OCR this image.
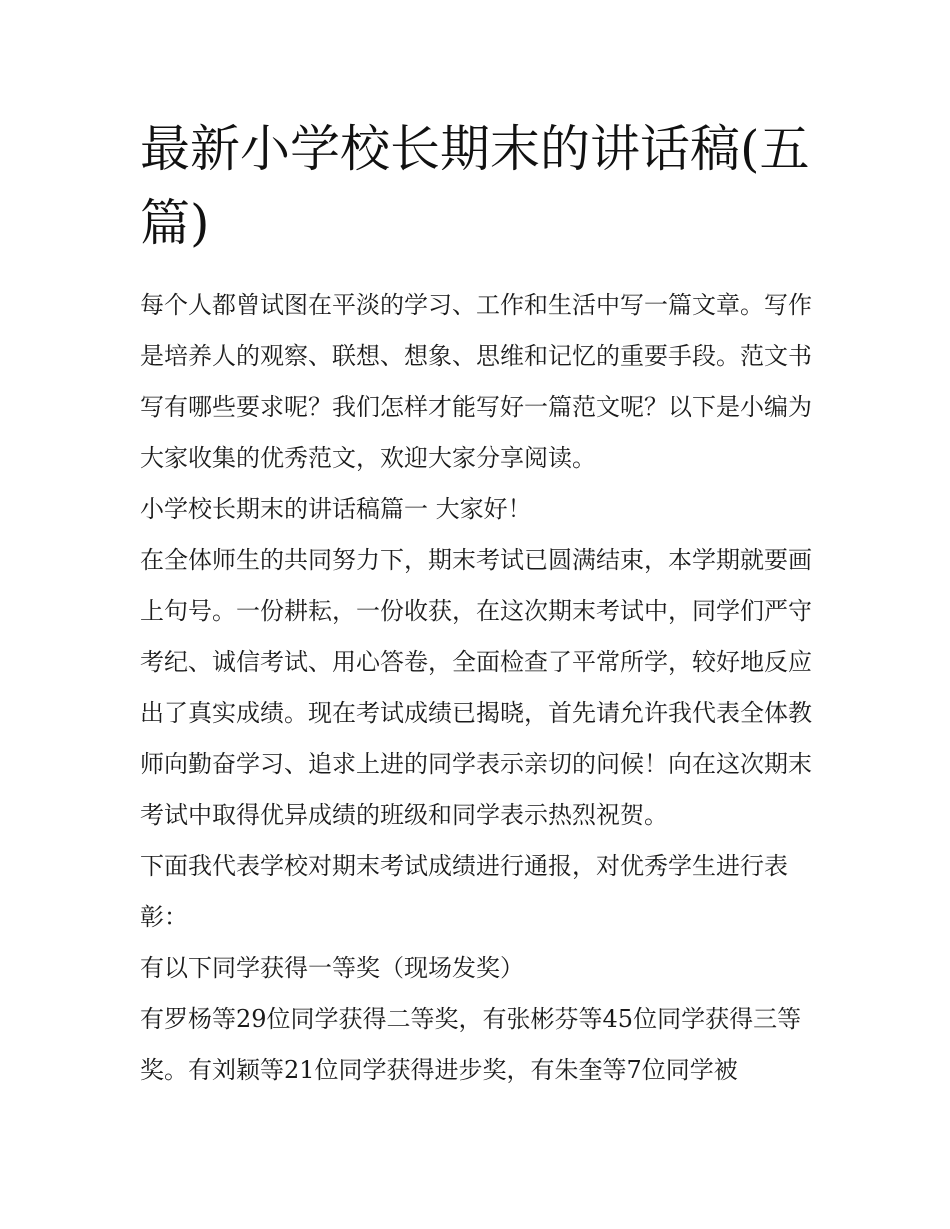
最新小学校长期末的讲话稿(五篇)

每个人都曾试图在平淡的学习、工作和生活中写一篇文章。写作是培养人的观察、联想、想象、思维和记忆的重要手段。范文书写有哪些要求呢？我们怎样才能写好一篇范文呢？以下是小编为大家收集的优秀范文，欢迎大家分享阅读。

小学校长期末的讲话稿篇一 大家好！

在全体师生的共同努力下，期末考试已圆满结束，本学期就要画上句号。一份耕耘，一份收获，在这次期末考试中，同学们严守考纪、诚信考试、用心答卷，全面检查了平常所学，较好地反应出了真实成绩。现在考试成绩已揭晓，首先请允许我代表全体教师向勤奋学习、追求上进的同学表示亲切的问候！向在这次期末考试中取得优异成绩的班级和同学表示热烈祝贺。

下面我代表学校对期末考试成绩进行通报，对优秀学生进行表彰：

有以下同学获得一等奖（现场发奖）

有罗杨等29位同学获得二等奖，有张彬芬等45位同学获得三等奖。有刘颖等21位同学获得进步奖，有朱奎等7位同学被
